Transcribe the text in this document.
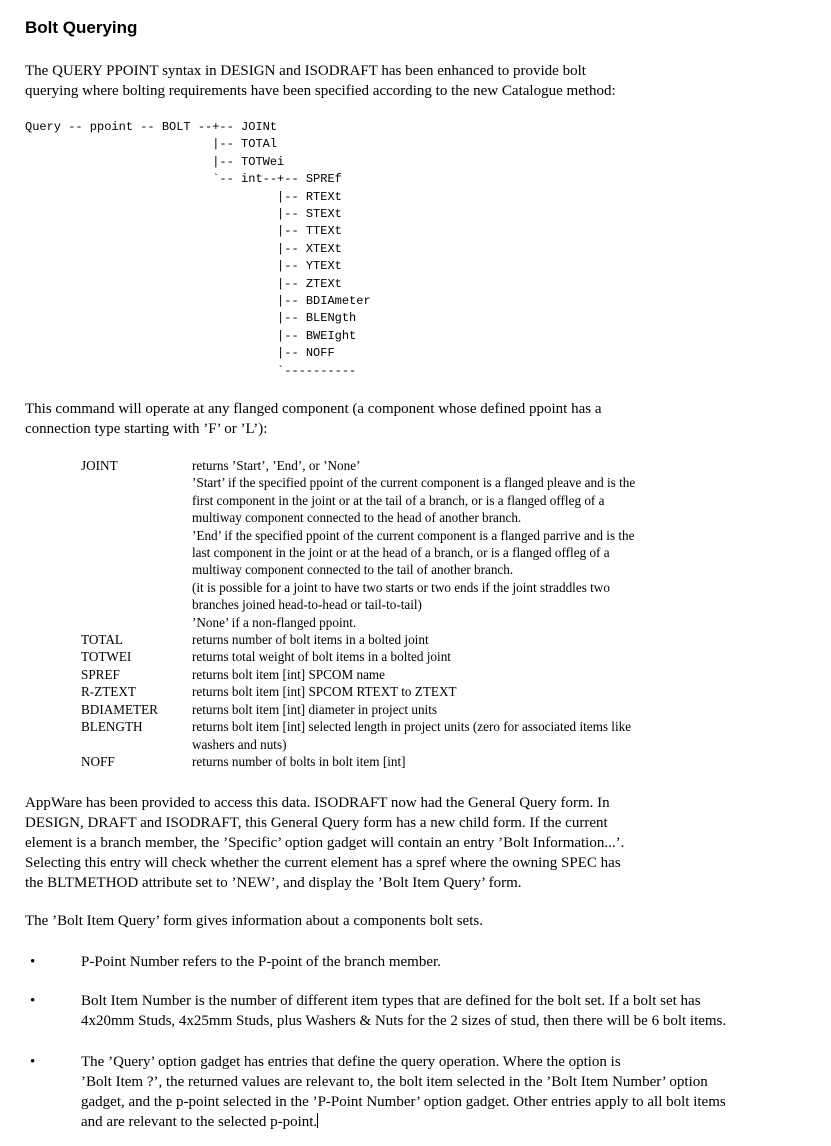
Bolt Querying

The QUERY PPOINT syntax in DESIGN and ISODRAFT has been enhanced to provide bolt
querying where bolting requirements have been specified according to the new Catalogue method:

Query -- ppoint -- BOLT --+-- JOINt
|-- TOTAl
|-- TOTWei
`-- int--+-- SPREf
|-- RTEXt
|-- STEXt
|-- TTEXt
|-- XTEXt
|-- YTEXt
|-- ZTEXt
|-- BDIAmeter
|-- BLENgth
|-- BWEIght
|-- NOFF
`----------

This command will operate at any flanged component (a component whose defined ppoint has a
connection type starting with ’F’ or ’L’):

JOINT	returns ’Start’, ’End’, or ’None’
’Start’ if the specified ppoint of the current component is a flanged pleave and is the
first component in the joint or at the tail of a branch, or is a flanged offleg of a
multiway component connected to the head of another branch.
’End’ if the specified ppoint of the current component is a flanged parrive and is the
last component in the joint or at the head of a branch, or is a flanged offleg of a
multiway component connected to the tail of another branch.
(it is possible for a joint to have two starts or two ends if the joint straddles two
branches joined head-to-head or tail-to-tail)
’None’ if a non-flanged ppoint.
TOTAL	returns number of bolt items in a bolted joint
TOTWEI	returns total weight of bolt items in a bolted joint
SPREF	returns bolt item [int] SPCOM name
R-ZTEXT	returns bolt item [int] SPCOM RTEXT to ZTEXT
BDIAMETER	returns bolt item [int] diameter in project units
BLENGTH	returns bolt item [int] selected length in project units (zero for associated items like
washers and nuts)
NOFF	returns number of bolts in bolt item [int]

AppWare has been provided to access this data. ISODRAFT now had the General Query form. In
DESIGN, DRAFT and ISODRAFT, this General Query form has a new child form. If the current
element is a branch member, the ’Specific’ option gadget will contain an entry ’Bolt Information...’.
Selecting this entry will check whether the current element has a spref where the owning SPEC has
the BLTMETHOD attribute set to ’NEW’, and display the ’Bolt Item Query’ form.

The ’Bolt Item Query’ form gives information about a components bolt sets.

•	P-Point Number refers to the P-point of the branch member.
•	Bolt Item Number is the number of different item types that are defined for the bolt set. If a bolt set has
4x20mm Studs, 4x25mm Studs, plus Washers & Nuts for the 2 sizes of stud, then there will be 6 bolt items.
•	The ’Query’ option gadget has entries that define the query operation. Where the option is
’Bolt Item ?’, the returned values are relevant to, the bolt item selected in the ’Bolt Item Number’ option
gadget, and the p-point selected in the ’P-Point Number’ option gadget. Other entries apply to all bolt items
and are relevant to the selected p-point.
